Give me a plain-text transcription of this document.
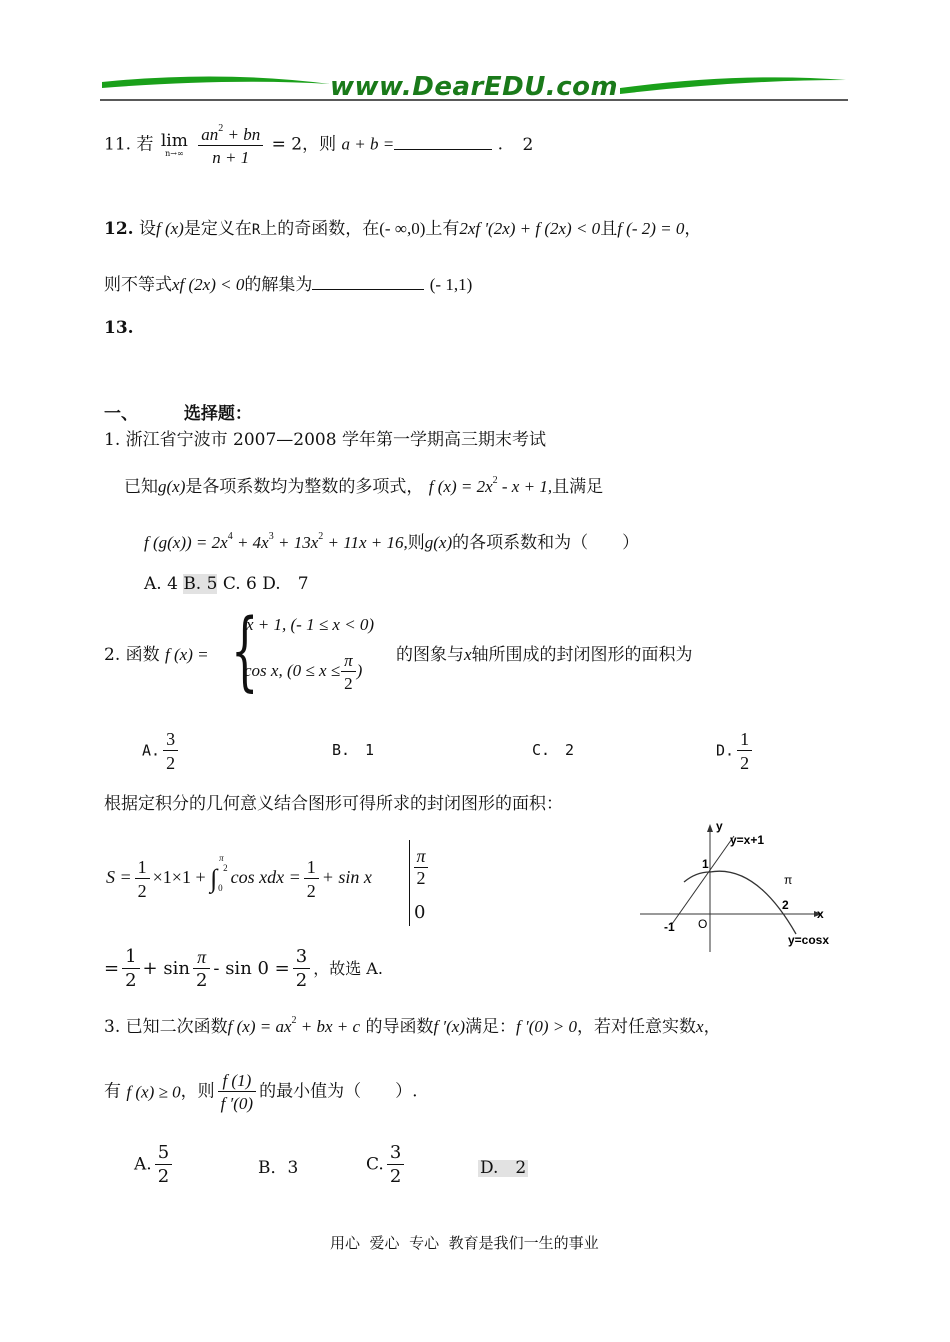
www.DearEDU.com
11. 若 lim
n→∞
$\frac{an^2 + bn}{n + 1} = 2$，则 a + b =	. 2
12. 设f (x)是定义在R上的奇函数，在(- ∞,0)上有2xf '(2x) + f (2x) < 0且f (- 2) = 0，
则不等式xf (2x) < 0的解集为	(- 1,1)
13.
一、	选择题：
1. 浙江省宁波市 2007—2008 学年第一学期高三期末考试
已知g(x)是各项系数均为整数的多项式， f $(x) = 2x^2 - x + 1$,且满足
f $(g(x)) = 2x^4 + 4x^3 + 13x^2 + 11x + 16$,则g(x)的各项系数和为（　　）
A. 4 B. 5 C. 6 D.　7
2. 函数 f (x) = {
x + 1, (- 1 ≤ x < 0)
cos x, ($0 \le x \le \frac{\pi}{2}$ )
的图象与x轴所围成的封闭图形的面积为
A. $\frac{3}{2}$	B.　1	C.　2	D. $\frac{1}{2}$
根据定积分的几何意义结合图形可得所求的封闭图形的面积：
$S = \frac{1}{2} \times 1\times 1$ + ∫
π
2
0
cos xdx = $\frac{1}{2} + \sin x$
π
2
0
y
y=x+1
1
π
2
x
-1 O
y=cosx
= $\frac{1}{2} + \sin \frac{\pi}{2} - \sin 0 = \frac{3}{2}$ ，故选 A.
3. 已知二次函数f $(x) = ax^2$ + bx + c 的导函数f ′(x)满足：f ′(0) > 0，若对任意实数x，
有 f (x) ≥ 0，则 $\frac{f (1)}{f '(0)}$ 的最小值为（　　）.
A. $\frac{5}{2}$	B．3	C. $\frac{3}{2}$	D.　2
用心  爱心  专心  教育是我们一生的事业
